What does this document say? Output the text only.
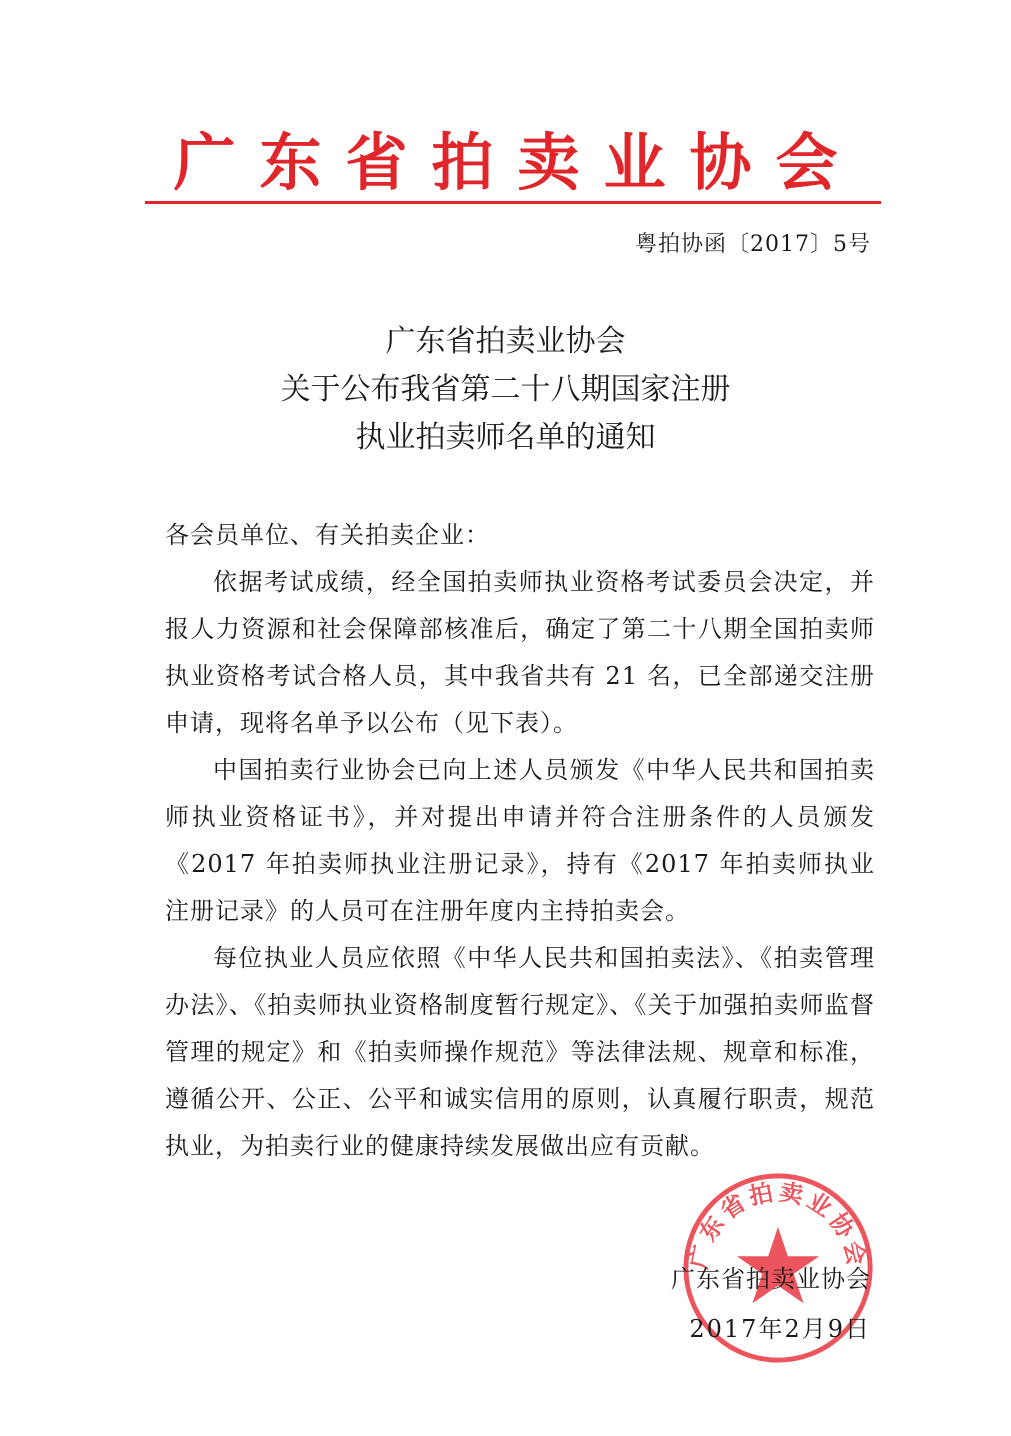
广东省拍卖业协会
粤拍协函〔2017〕5号
广东省拍卖业协会
关于公布我省第二十八期国家注册
执业拍卖师名单的通知

各会员单位、有关拍卖企业：

依据考试成绩，经全国拍卖师执业资格考试委员会决定，并报人力资源和社会保障部核准后，确定了第二十八期全国拍卖师执业资格考试合格人员，其中我省共有 21 名，已全部递交注册申请，现将名单予以公布（见下表）。

中国拍卖行业协会已向上述人员颁发《中华人民共和国拍卖师执业资格证书》，并对提出申请并符合注册条件的人员颁发《2017 年拍卖师执业注册记录》，持有《2017 年拍卖师执业注册记录》的人员可在注册年度内主持拍卖会。

每位执业人员应依照《中华人民共和国拍卖法》、《拍卖管理办法》、《拍卖师执业资格制度暂行规定》、《关于加强拍卖师监督管理的规定》和《拍卖师操作规范》等法律法规、规章和标准，遵循公开、公正、公平和诚实信用的原则，认真履行职责，规范执业，为拍卖行业的健康持续发展做出应有贡献。

广东省拍卖业协会
广东省拍卖业协会
2017年2月9日
